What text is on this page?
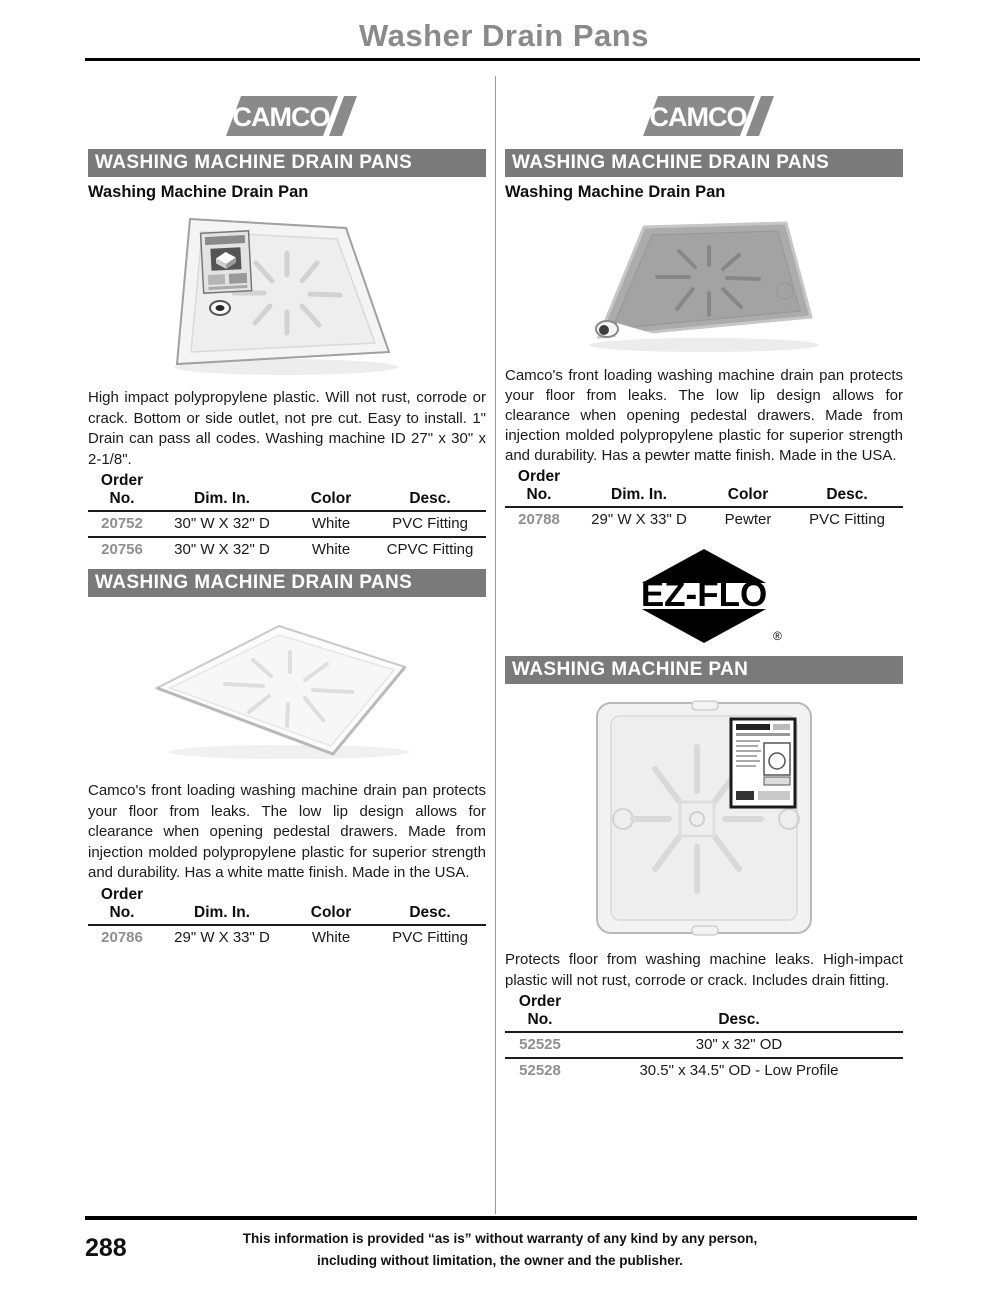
Washer Drain Pans
CAMCO
WASHING MACHINE DRAIN PANS
Washing Machine Drain Pan
High impact polypropylene plastic. Will not rust, corrode or crack. Bottom or side outlet, not pre cut. Easy to install. 1" Drain can pass all codes. Washing machine ID 27" x 30" x 2-1/8".
Order
No.	Dim. In.	Color	Desc.
20752	30" W X 32" D	White	PVC Fitting
20756	30" W X 32" D	White	CPVC Fitting
WASHING MACHINE DRAIN PANS
Camco's front loading washing machine drain pan protects your floor from leaks. The low lip design allows for clearance when opening pedestal drawers. Made from injection molded polypropylene plastic for superior strength and durability. Has a white matte finish. Made in the USA.
Order
No.	Dim. In.	Color	Desc.
20786	29" W X 33" D	White	PVC Fitting
CAMCO
WASHING MACHINE DRAIN PANS
Washing Machine Drain Pan
Camco's front loading washing machine drain pan protects your floor from leaks. The low lip design allows for clearance when opening pedestal drawers. Made from injection molded polypropylene plastic for superior strength and durability. Has a pewter matte finish. Made in the USA.
Order
No.	Dim. In.	Color	Desc.
20788	29" W X 33" D	Pewter	PVC Fitting
EZ-FLO
®
WASHING MACHINE PAN
Protects floor from washing machine leaks. High-impact plastic will not rust, corrode or crack. Includes drain fitting.
Order
No.	Desc.
52525	30" x 32" OD
52528	30.5" x 34.5" OD - Low Profile
288	This information is provided “as is” without warranty of any kind by any person,
including without limitation, the owner and the publisher.
